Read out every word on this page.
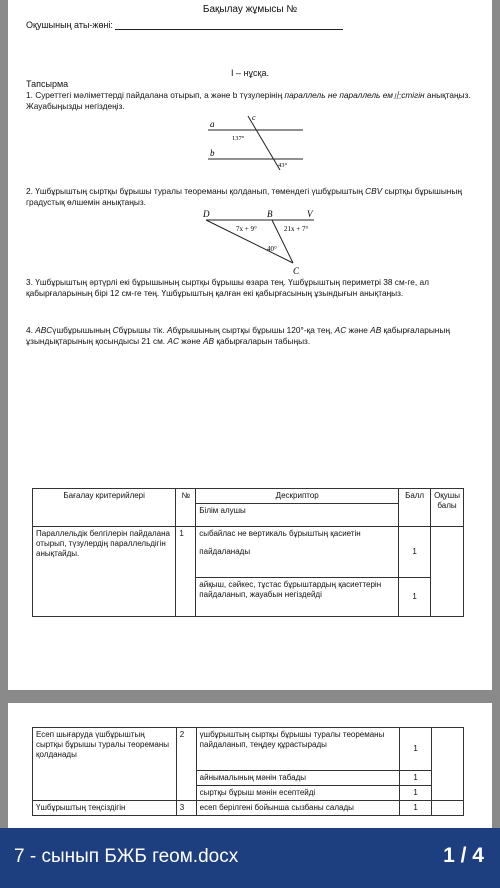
Бақылау жұмысы №
Оқушының аты-жөні:
I – нұсқа.
Тапсырма
1. Суреттегі мәліметтерді пайдалана отырып, a және b түзулерінің параллель не параллель ем止стігін анықтаңыз. Жауабыңызды негіздеңіз.
a
b
c
137°
43°
2. Үшбұрыштың сыртқы бұрышы туралы теореманы қолданып, төмендегі үшбұрыштың CBV сыртқы бұрышының градустық өлшемін анықтаңыз.
D	B	V
C
7x + 9°	21x + 7°
40°
3. Үшбұрыштың әртүрлі екі бұрышының сыртқы бұрышы өзара тең. Үшбұрыштың периметрі 38 см-ге, ал қабырғаларының бірі 12 см-ге тең. Үшбұрыштың қалған екі қабырғасының ұзындығын анықтаңыз.
4. ABCүшбұрышының Cбұрышы тік. Aбұрышының сыртқы бұрышы 120°-қа тең, AC және AB қабырғаларының ұзындықтарының қосындысы 21 см. AC және AB қабырғаларын табыңыз.
Бағалау критерийлері	№	Дескриптор	Балл	Оқушы балы
		Білім алушы		
Параллельдік белгілерін пайдалана отырып, түзулердің параллельдігін анықтайды.	1	сыбайлас не вертикаль бұрыштың қасиетін
пайдаланады	1	
		айқыш, сәйкес, тұстас бұрыштардың қасиеттерін пайдаланып, жауабын негіздейді	1	
Есеп шығаруда үшбұрыштың сыртқы бұрышы туралы теореманы қолданады	2	үшбұрыштың сыртқы бұрышы туралы теореманы пайдаланып, теңдеу құрастырады	1	
		айнымалының мәнін табады	1	
		сыртқы бұрыш мәнін есептейді	1	
Үшбұрыштың теңсіздігін	3	есеп берілгені бойынша сызбаны салады	1	
7 - сынып БЖБ геом.docx	1 / 4
